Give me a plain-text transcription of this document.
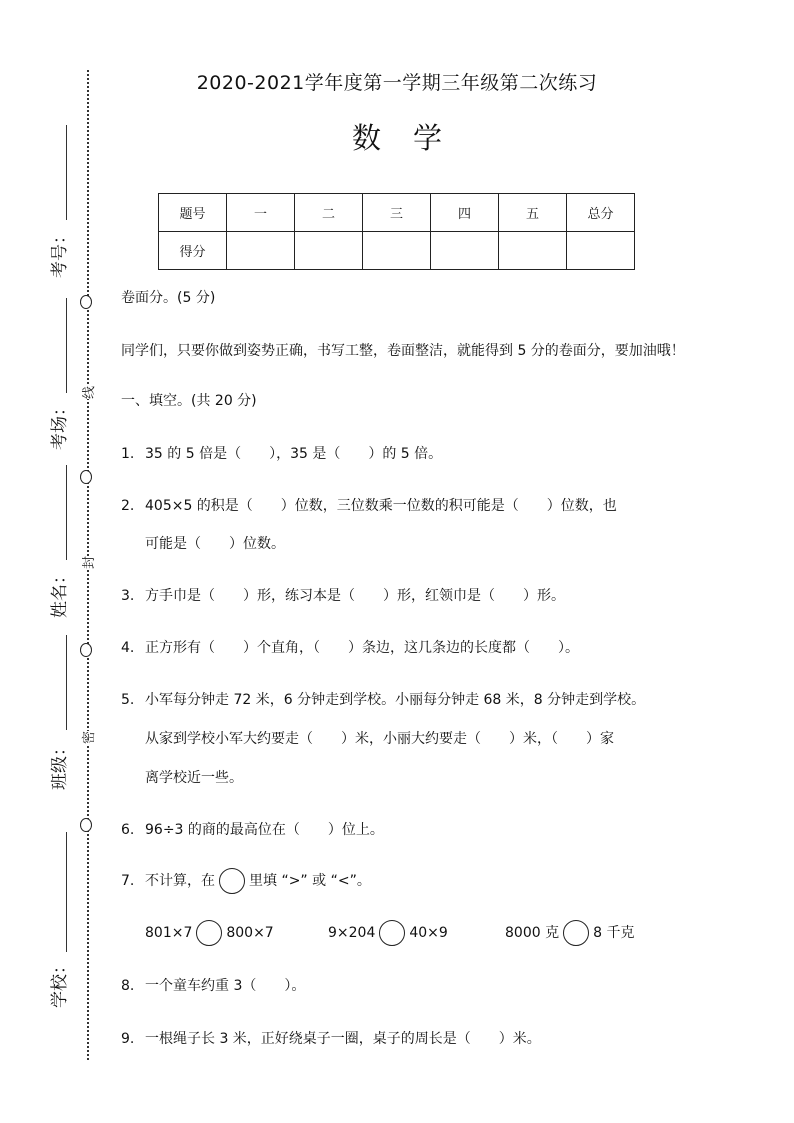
考号：
考场：
姓名：
班级：
学校：
线
封
密
2020-2021学年度第一学期三年级第二次练习
数学
题号	一	二	三	四	五	总分
得分						
卷面分。(5 分)
同学们，只要你做到姿势正确，书写工整，卷面整洁，就能得到 5 分的卷面分，要加油哦！
一、填空。(共 20 分)
1. 35 的 5 倍是（　　），35 是（　　）的 5 倍。
2. 405×5 的积是（　　）位数，三位数乘一位数的积可能是（　　）位数，也
可能是（　　）位数。
3. 方手巾是（　　）形，练习本是（　　）形，红领巾是（　　）形。
4. 正方形有（　　）个直角，（　　）条边，这几条边的长度都（　　）。
5. 小军每分钟走 72 米，6 分钟走到学校。小丽每分钟走 68 米，8 分钟走到学校。
从家到学校小军大约要走（　　）米，小丽大约要走（　　）米，（　　）家
离学校近一些。
6. 96÷3 的商的最高位在（　　）位上。
7. 不计算，在 里填 “>” 或 “<”。
801×7 800×7	9×204 40×9	8000 克 8 千克
8. 一个童车约重 3（　　）。
9. 一根绳子长 3 米，正好绕桌子一圈，桌子的周长是（　　）米。
